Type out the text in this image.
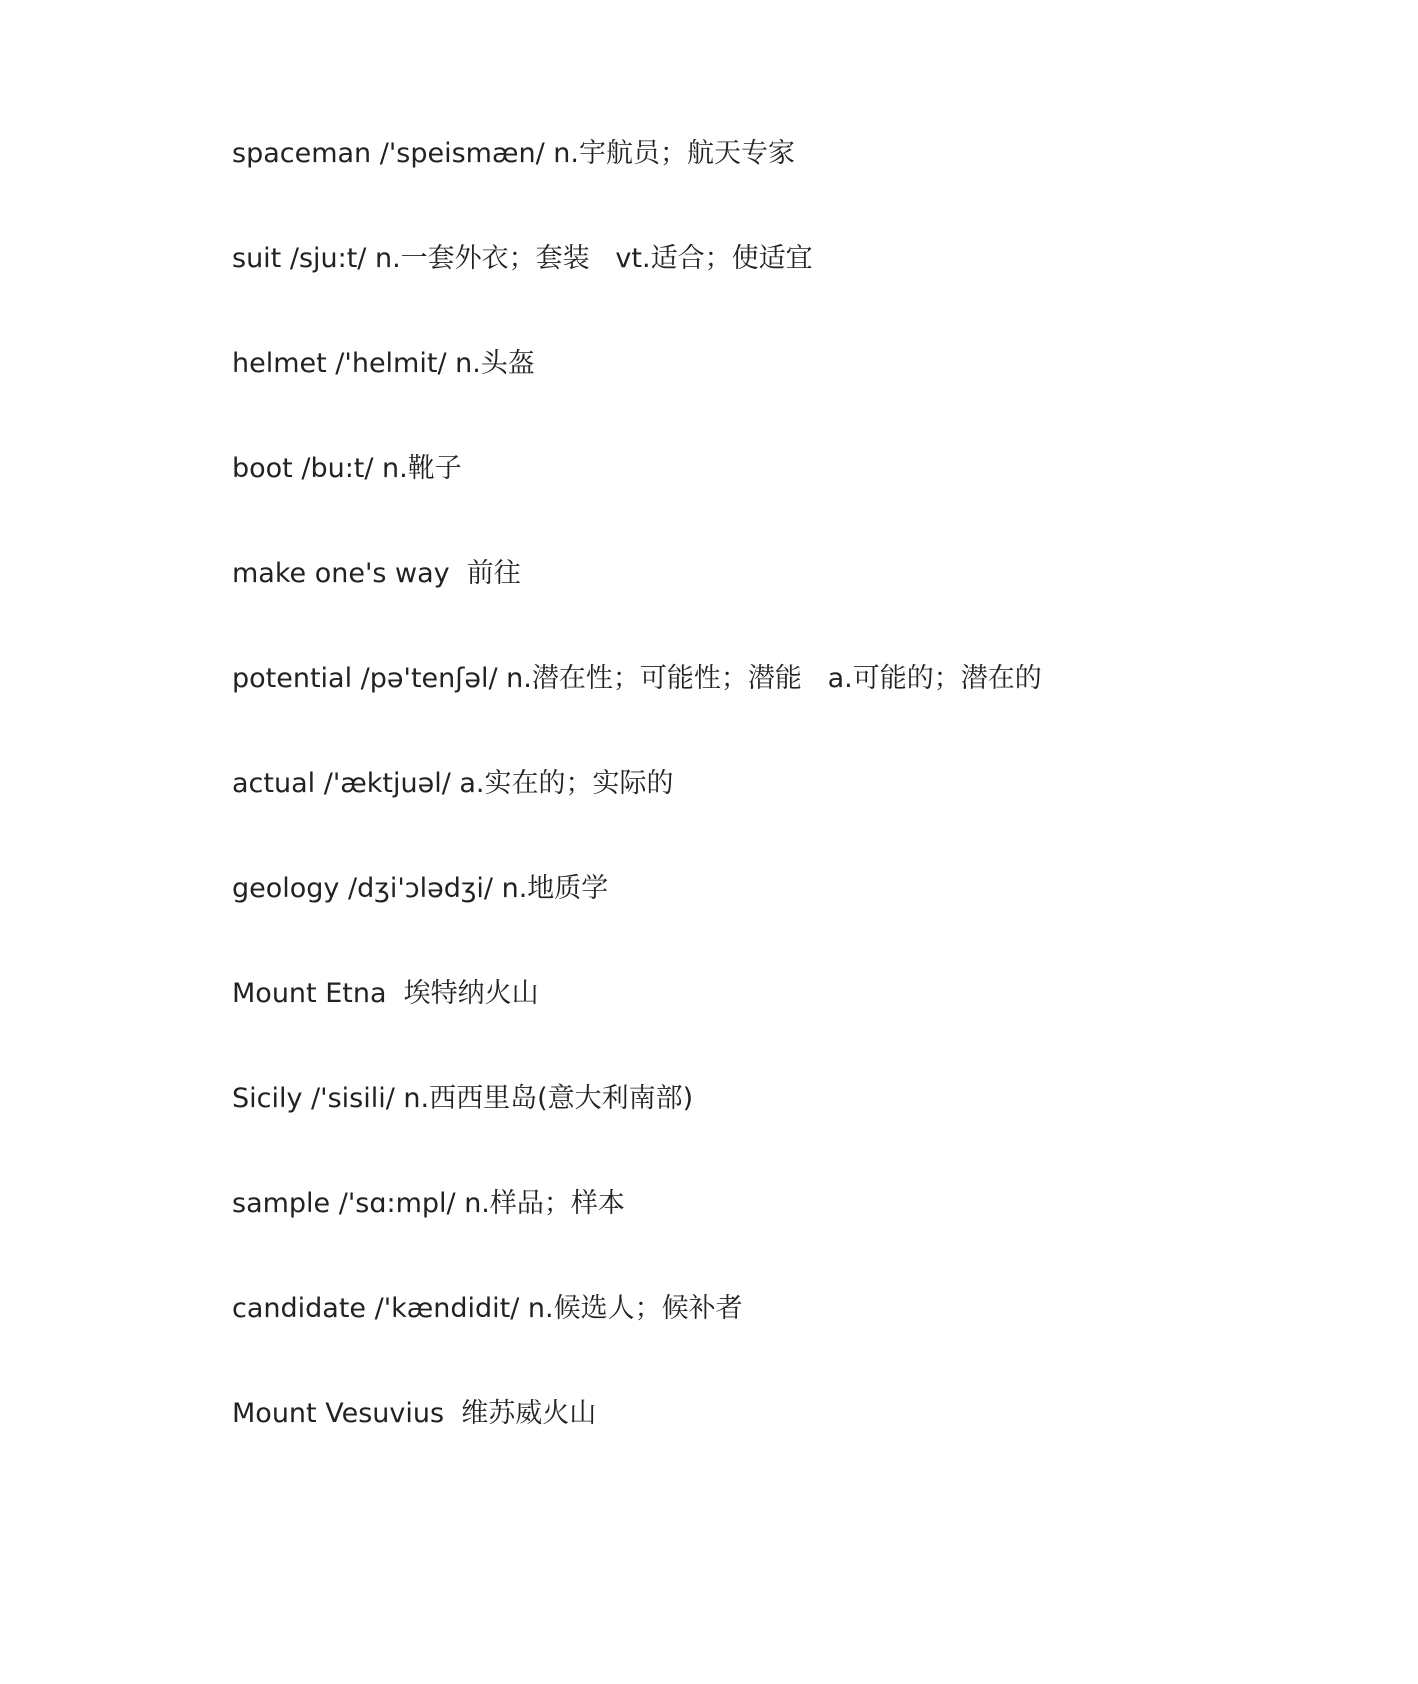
spaceman /'speismæn/ n.宇航员；航天专家
suit /sju:t/ n.一套外衣；套装   vt.适合；使适宜
helmet /'helmit/ n.头盔
boot /bu:t/ n.靴子
make one's way  前往
potential /pə'tenʃəl/ n.潜在性；可能性；潜能   a.可能的；潜在的
actual /'æktjuəl/ a.实在的；实际的
geology /dʒi'ɔlədʒi/ n.地质学
Mount Etna  埃特纳火山
Sicily /'sisili/ n.西西里岛(意大利南部)
sample /'sɑ:mpl/ n.样品；样本
candidate /'kændidit/ n.候选人；候补者
Mount Vesuvius  维苏威火山
